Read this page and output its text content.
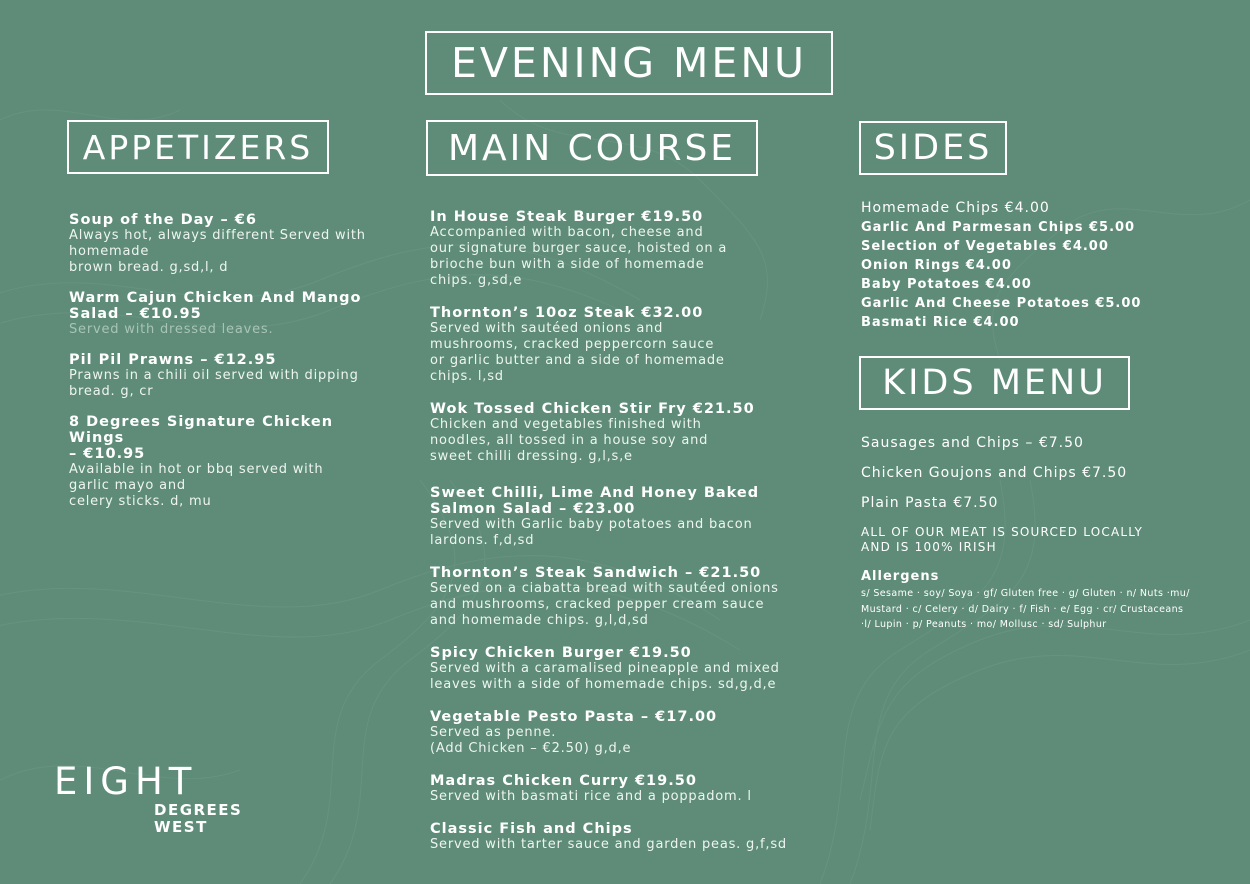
EVENING MENU
APPETIZERS	MAIN COURSE	SIDES
KIDS MENU
Soup of the Day – €6
Always hot, always different Served with
homemade
brown bread. g,sd,l, d
Warm Cajun Chicken And Mango
Salad – €10.95
Served with dressed leaves.
Pil Pil Prawns – €12.95
Prawns in a chili oil served with dipping
bread. g, cr
8 Degrees Signature Chicken Wings
– €10.95
Available in hot or bbq served with
garlic mayo and
celery sticks. d, mu
In House Steak Burger €19.50
Accompanied with bacon, cheese and
our signature burger sauce, hoisted on a
brioche bun with a side of homemade
chips. g,sd,e
Thornton’s 10oz Steak €32.00
Served with sautéed onions and
mushrooms, cracked peppercorn sauce
or garlic butter and a side of homemade
chips. l,sd
Wok Tossed Chicken Stir Fry €21.50
Chicken and vegetables finished with
noodles, all tossed in a house soy and
sweet chilli dressing. g,l,s,e
Sweet Chilli, Lime And Honey Baked
Salmon Salad – €23.00
Served with Garlic baby potatoes and bacon
lardons. f,d,sd
Thornton’s Steak Sandwich – €21.50
Served on a ciabatta bread with sautéed onions
and mushrooms, cracked pepper cream sauce
and homemade chips. g,l,d,sd
Spicy Chicken Burger €19.50
Served with a caramalised pineapple and mixed
leaves with a side of homemade chips. sd,g,d,e
Vegetable Pesto Pasta – €17.00
Served as penne.
(Add Chicken – €2.50) g,d,e
Madras Chicken Curry €19.50
Served with basmati rice and a poppadom. l
Classic Fish and Chips
Served with tarter sauce and garden peas. g,f,sd
Homemade Chips €4.00
Garlic And Parmesan Chips €5.00
Selection of Vegetables €4.00
Onion Rings €4.00
Baby Potatoes €4.00
Garlic And Cheese Potatoes €5.00
Basmati Rice €4.00
Sausages and Chips – €7.50
Chicken Goujons and Chips €7.50
Plain Pasta €7.50
ALL OF OUR MEAT IS SOURCED LOCALLY
AND IS 100% IRISH
Allergens
s/ Sesame · soy/ Soya · gf/ Gluten free · g/ Gluten · n/ Nuts ·mu/
Mustard · c/ Celery · d/ Dairy · f/ Fish · e/ Egg · cr/ Crustaceans
·l/ Lupin · p/ Peanuts · mo/ Mollusc · sd/ Sulphur
EIGHT
DEGREES
WEST
